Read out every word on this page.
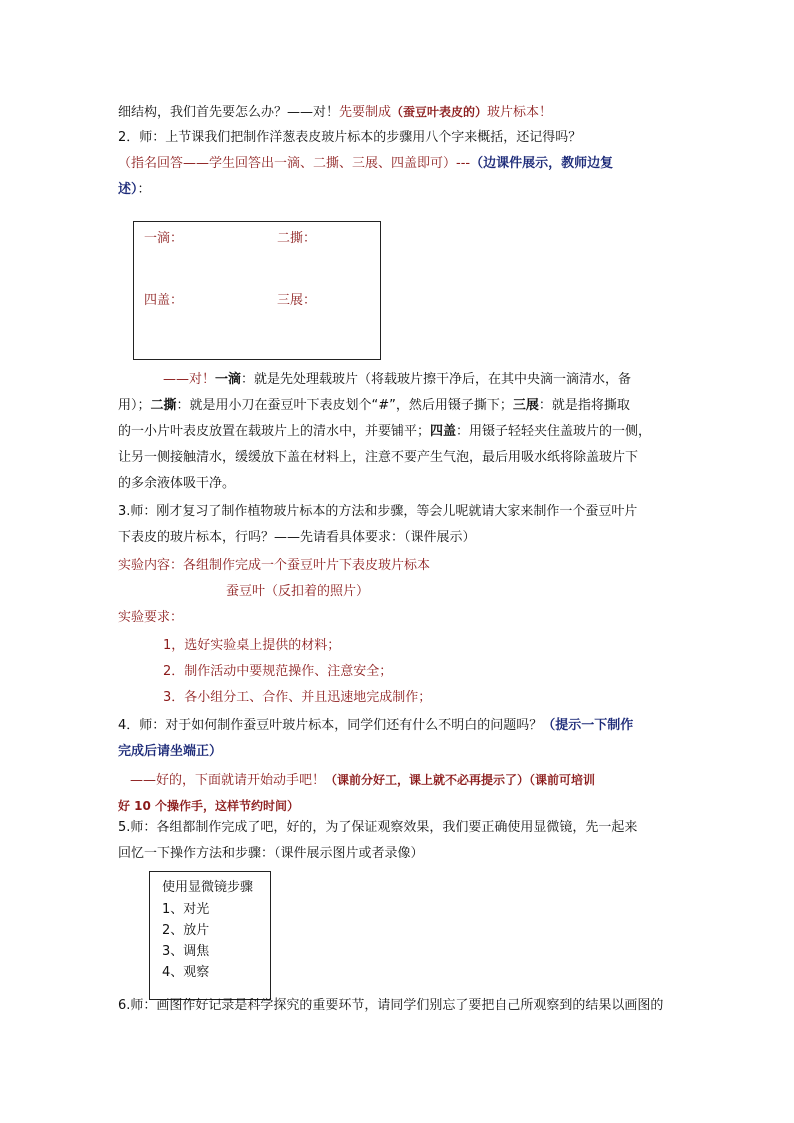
细结构，我们首先要怎么办？——对！先要制成（蚕豆叶表皮的）玻片标本！
2．师：上节课我们把制作洋葱表皮玻片标本的步骤用八个字来概括，还记得吗？
（指名回答——学生回答出一滴、二撕、三展、四盖即可）---（边课件展示，教师边复
述）：
一滴：	二撕：
四盖：	三展：
——对！一滴：就是先处理载玻片（将载玻片擦干净后，在其中央滴一滴清水，备
用）；二撕：就是用小刀在蚕豆叶下表皮划个“#”，然后用镊子撕下；三展：就是指将撕取
的一小片叶表皮放置在载玻片上的清水中，并要铺平；四盖：用镊子轻轻夹住盖玻片的一侧，
让另一侧接触清水，缓缓放下盖在材料上，注意不要产生气泡，最后用吸水纸将除盖玻片下
的多余液体吸干净。
3.师：刚才复习了制作植物玻片标本的方法和步骤，等会儿呢就请大家来制作一个蚕豆叶片
下表皮的玻片标本，行吗？——先请看具体要求：（课件展示）
实验内容：各组制作完成一个蚕豆叶片下表皮玻片标本
蚕豆叶（反扣着的照片）
实验要求：
1，选好实验桌上提供的材料；
2．制作活动中要规范操作、注意安全；
3．各小组分工、合作、并且迅速地完成制作；
4．师：对于如何制作蚕豆叶玻片标本，同学们还有什么不明白的问题吗？（提示一下制作
完成后请坐端正）
——好的，下面就请开始动手吧！（课前分好工，课上就不必再提示了）（课前可培训
好 10 个操作手，这样节约时间）
5.师：各组都制作完成了吧，好的，为了保证观察效果，我们要正确使用显微镜，先一起来
回忆一下操作方法和步骤：（课件展示图片或者录像）
使用显微镜步骤
1、对光
2、放片
3、调焦
4、观察
6.师：画图作好记录是科学探究的重要环节，请同学们别忘了要把自己所观察到的结果以画图的
